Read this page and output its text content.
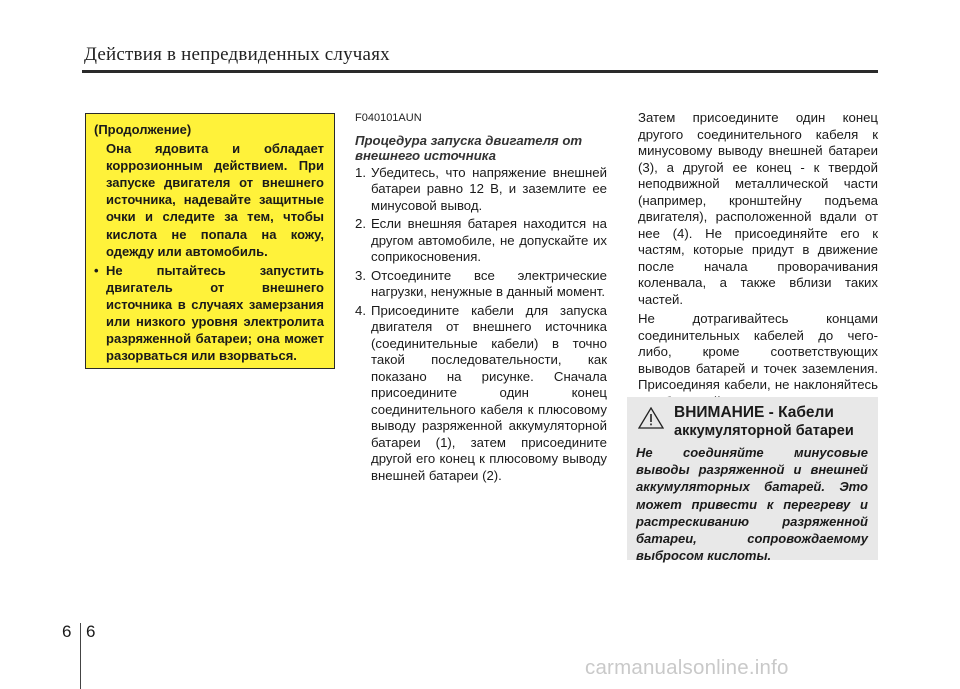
Действия в непредвиденных случаях
(Продолжение)
Она ядовита и обладает коррозионным действием. При запуске двигателя от внешнего источника, надевайте защитные очки и следите за тем, чтобы кислота не попала на кожу, одежду или автомобиль.
• Не пытайтесь запустить двигатель от внешнего источника в случаях замерзания или низкого уровня электролита разряженной батареи; она может разорваться или взорваться.
F040101AUN
Процедура запуска двигателя от внешнего источника
1. Убедитесь, что напряжение внешней батареи равно 12 В, и заземлите ее минусовой вывод.
2. Если внешняя батарея находится на другом автомобиле, не допускайте их соприкосновения.
3. Отсоедините все электрические нагрузки, ненужные в данный момент.
4. Присоедините кабели для запуска двигателя от внешнего источника (соединительные кабели) в точно такой последовательности, как показано на рисунке. Сначала присоедините один конец соединительного кабеля к плюсовому выводу разряженной аккумуляторной батареи (1), затем присоедините другой его конец к плюсовому выводу внешней батареи (2).

Затем присоедините один конец другого соединительного кабеля к минусовому выводу внешней батареи (3), а другой ее конец - к твердой неподвижной металлической части (например, кронштейну подъема двигателя), расположенной вдали от нее (4). Не присоединяйте его к частям, которые придут в движение после начала проворачивания коленвала, а также вблизи таких частей.

Не дотрагивайтесь концами соединительных кабелей до чего-либо, кроме соответствующих выводов батарей и точек заземления. Присоединяя кабели, не наклоняйтесь

ВНИМАНИЕ - Кабели
аккумуляторной батареи
Не соединяйте минусовые выводы разряженной и внешней аккумуляторных батарей. Это может привести к перегреву и растрескиванию разряженной батареи, сопровождаемому выбросом кислоты.
6 6
carmanualsonline.info
